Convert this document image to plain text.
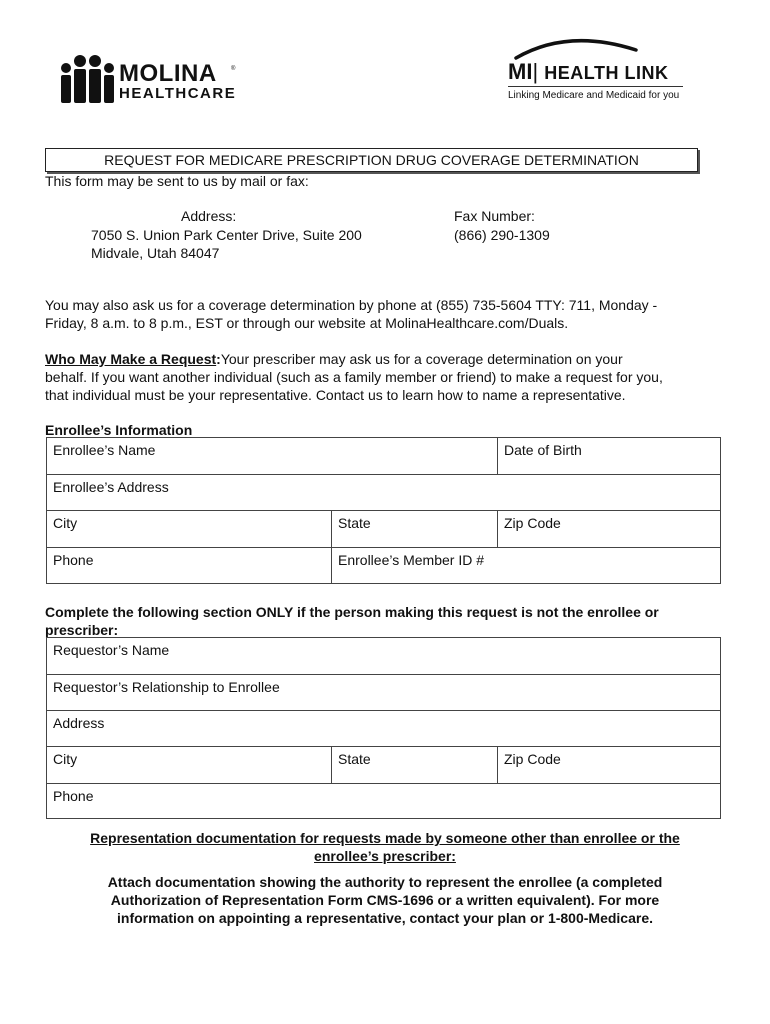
MOLINA ®
HEALTHCARE
MI| HEALTH LINK
Linking Medicare and Medicaid for you
REQUEST FOR MEDICARE PRESCRIPTION DRUG COVERAGE DETERMINATION
This form may be sent to us by mail or fax:
Address:
7050 S. Union Park Center Drive, Suite 200
Midvale, Utah 84047
Fax Number:
(866) 290-1309
You may also ask us for a coverage determination by phone at (855) 735-5604 TTY: 711, Monday -
Friday, 8 a.m. to 8 p.m., EST or through our website at MolinaHealthcare.com/Duals.
Who May Make a Request:Your prescriber may ask us for a coverage determination on your
behalf. If you want another individual (such as a family member or friend) to make a request for you,
that individual must be your representative. Contact us to learn how to name a representative.
Enrollee’s Information
Enrollee’s Name	Date of Birth
Enrollee’s Address
City	State	Zip Code
Phone	Enrollee’s Member ID #
Complete the following section ONLY if the person making this request is not the enrollee or
prescriber:
Requestor’s Name
Requestor’s Relationship to Enrollee
Address
City	State	Zip Code
Phone
Representation documentation for requests made by someone other than enrollee or the
enrollee’s prescriber:
Attach documentation showing the authority to represent the enrollee (a completed
Authorization of Representation Form CMS-1696 or a written equivalent). For more
information on appointing a representative, contact your plan or 1-800-Medicare.
